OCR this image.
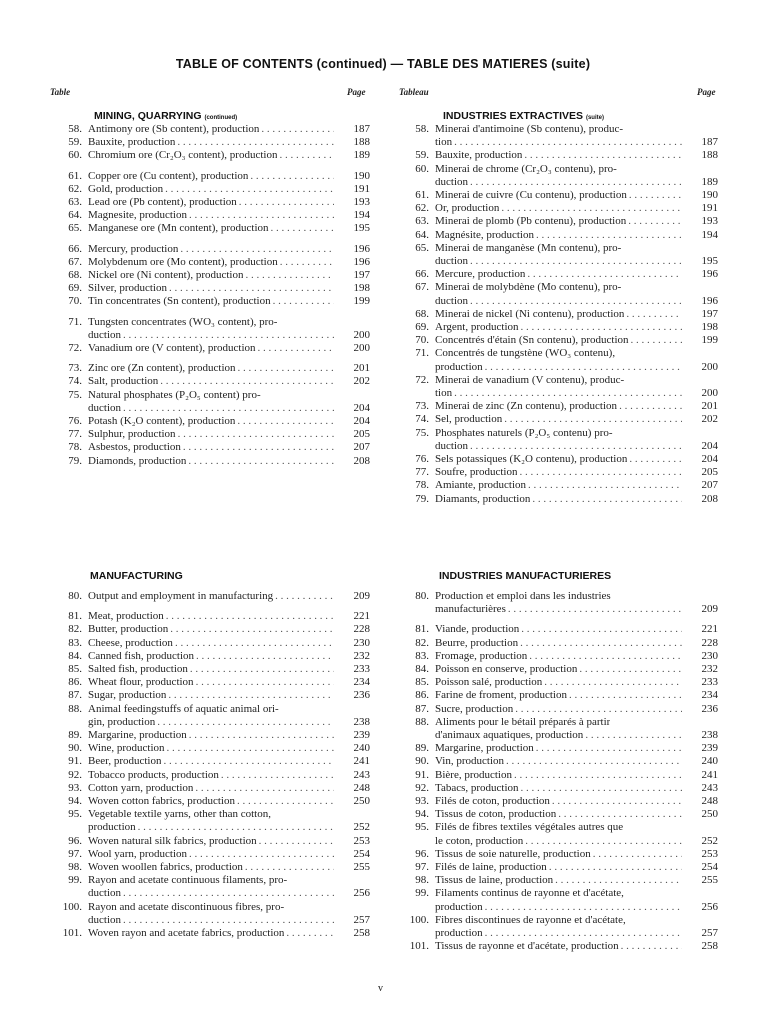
TABLE OF CONTENTS (continued) — TABLE DES MATIERES (suite)
Table	Page	Tableau	Page
MINING, QUARRYING (continued)
58. Antimony ore (Sb content), production . . .	187
59. Bauxite, production . . .	188
60. Chromium ore (Cr₂O₃ content), production . . .	189
61. Copper ore (Cu content), production . . .	190
62. Gold, production . . .	191
63. Lead ore (Pb content), production . . .	193
64. Magnesite, production . . .	194
65. Manganese ore (Mn content), production . . .	195
66. Mercury, production . . .	196
67. Molybdenum ore (Mo content), production . . .	196
68. Nickel ore (Ni content), production . . .	197
69. Silver, production . . .	198
70. Tin concentrates (Sn content), production . . .	199
71. Tungsten concentrates (WO₃ content), pro-
duction . . .	200
72. Vanadium ore (V content), production . . .	200
73. Zinc ore (Zn content), production . . .	201
74. Salt, production . . .	202
75. Natural phosphates (P₂O₅ content) pro-
duction . . .	204
76. Potash (K₂O content), production . . .	204
77. Sulphur, production . . .	205
78. Asbestos, production . . .	207
79. Diamonds, production . . .	208
INDUSTRIES EXTRACTIVES (suite)
58. Minerai d'antimoine (Sb contenu), produc-
tion . . .	187
59. Bauxite, production . . .	188
60. Minerai de chrome (Cr₂O₃ contenu), pro-
duction . . .	189
61. Minerai de cuivre (Cu contenu), production . . .	190
62. Or, production . . .	191
63. Minerai de plomb (Pb contenu), production . . .	193
64. Magnésite, production . . .	194
65. Minerai de manganèse (Mn contenu), pro-
duction . . .	195
66. Mercure, production . . .	196
67. Minerai de molybdène (Mo contenu), pro-
duction . . .	196
68. Minerai de nickel (Ni contenu), production . . .	197
69. Argent, production . . .	198
70. Concentrés d'étain (Sn contenu), production . . .	199
71. Concentrés de tungstène (WO₃ contenu),
production . . .	200
72. Minerai de vanadium (V contenu), produc-
tion . . .	200
73. Minerai de zinc (Zn contenu), production . . .	201
74. Sel, production . . .	202
75. Phosphates naturels (P₂O₅ contenu) pro-
duction . . .	204
76. Sels potassiques (K₂O contenu), production . . .	204
77. Soufre, production . . .	205
78. Amiante, production . . .	207
79. Diamants, production . . .	208
MANUFACTURING
80. Output and employment in manufacturing . . .	209
81. Meat, production . . .	221
82. Butter, production . . .	228
83. Cheese, production . . .	230
84. Canned fish, production . . .	232
85. Salted fish, production . . .	233
86. Wheat flour, production . . .	234
87. Sugar, production . . .	236
88. Animal feedingstuffs of aquatic animal ori-
gin, production . . .	238
89. Margarine, production . . .	239
90. Wine, production . . .	240
91. Beer, production . . .	241
92. Tobacco products, production . . .	243
93. Cotton yarn, production . . .	248
94. Woven cotton fabrics, production . . .	250
95. Vegetable textile yarns, other than cotton,
production . . .	252
96. Woven natural silk fabrics, production . . .	253
97. Wool yarn, production . . .	254
98. Woven woollen fabrics, production . . .	255
99. Rayon and acetate continuous filaments, pro-
duction . . .	256
100. Rayon and acetate discontinuous fibres, pro-
duction . . .	257
101. Woven rayon and acetate fabrics, production . . .	258
INDUSTRIES MANUFACTURIERES
80. Production et emploi dans les industries
manufacturières . . .	209
81. Viande, production . . .	221
82. Beurre, production . . .	228
83. Fromage, production . . .	230
84. Poisson en conserve, production . . .	232
85. Poisson salé, production . . .	233
86. Farine de froment, production . . .	234
87. Sucre, production . . .	236
88. Aliments pour le bétail préparés à partir
d'animaux aquatiques, production . . .	238
89. Margarine, production . . .	239
90. Vin, production . . .	240
91. Bière, production . . .	241
92. Tabacs, production . . .	243
93. Filés de coton, production . . .	248
94. Tissus de coton, production . . .	250
95. Filés de fibres textiles végétales autres que
le coton, production . . .	252
96. Tissus de soie naturelle, production . . .	253
97. Filés de laine, production . . .	254
98. Tissus de laine, production . . .	255
99. Filaments continus de rayonne et d'acétate,
production . . .	256
100. Fibres discontinues de rayonne et d'acétate,
production . . .	257
101. Tissus de rayonne et d'acétate, production . . .	258
v
